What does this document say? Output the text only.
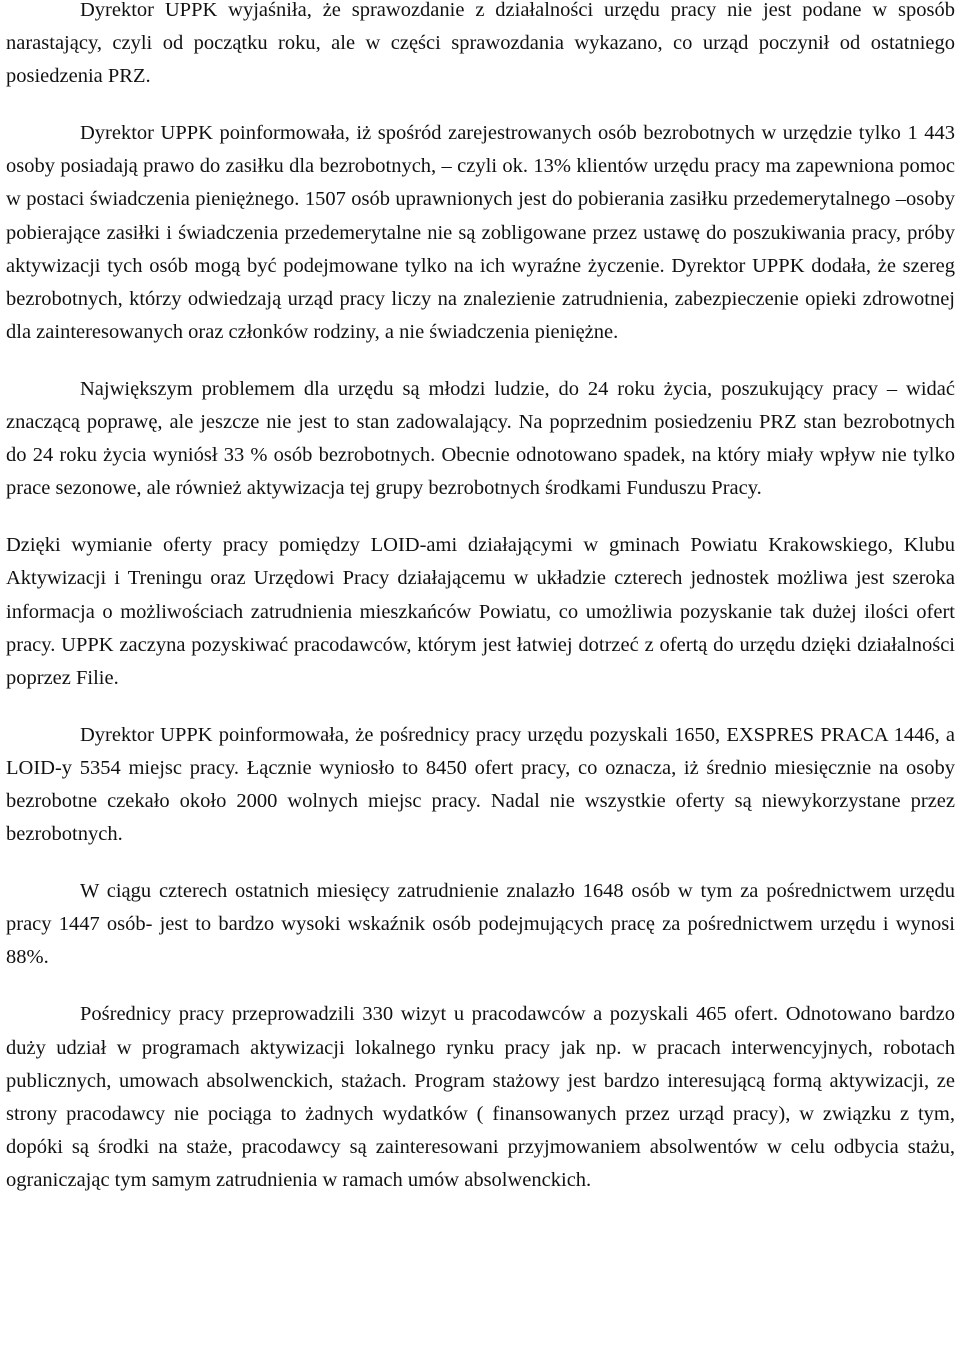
Dyrektor UPPK wyjaśniła, że sprawozdanie z działalności urzędu pracy nie jest podane w sposób narastający, czyli od początku roku, ale w części sprawozdania wykazano, co urząd poczynił od ostatniego posiedzenia PRZ.

Dyrektor UPPK poinformowała, iż spośród zarejestrowanych osób bezrobotnych w urzędzie tylko 1 443 osoby posiadają prawo do zasiłku dla bezrobotnych, – czyli ok. 13% klientów urzędu pracy ma zapewniona pomoc w postaci świadczenia pieniężnego. 1507 osób uprawnionych jest do pobierania zasiłku przedemerytalnego –osoby pobierające zasiłki i świadczenia przedemerytalne nie są zobligowane przez ustawę do poszukiwania pracy, próby aktywizacji tych osób mogą być podejmowane tylko na ich wyraźne życzenie. Dyrektor UPPK dodała, że szereg bezrobotnych, którzy odwiedzają urząd pracy liczy na znalezienie zatrudnienia, zabezpieczenie opieki zdrowotnej dla zainteresowanych oraz członków rodziny, a nie świadczenia pieniężne.

Największym problemem dla urzędu są młodzi ludzie, do 24 roku życia, poszukujący pracy – widać znaczącą poprawę, ale jeszcze nie jest to stan zadowalający. Na poprzednim posiedzeniu PRZ stan bezrobotnych do 24 roku życia wyniósł 33 % osób bezrobotnych. Obecnie odnotowano spadek, na który miały wpływ nie tylko prace sezonowe, ale również aktywizacja tej grupy bezrobotnych środkami Funduszu Pracy.

Dzięki wymianie oferty pracy pomiędzy LOID-ami działającymi w gminach Powiatu Krakowskiego, Klubu Aktywizacji i Treningu oraz Urzędowi Pracy działającemu w układzie czterech jednostek możliwa jest szeroka informacja o możliwościach zatrudnienia mieszkańców Powiatu, co umożliwia pozyskanie tak dużej ilości ofert pracy. UPPK zaczyna pozyskiwać pracodawców, którym jest łatwiej dotrzeć z ofertą do urzędu dzięki działalności poprzez Filie.

Dyrektor UPPK poinformowała, że pośrednicy pracy urzędu pozyskali 1650, EXSPRES PRACA 1446, a LOID-y 5354 miejsc pracy. Łącznie wyniosło to 8450 ofert pracy, co oznacza, iż średnio miesięcznie na osoby bezrobotne czekało około 2000 wolnych miejsc pracy. Nadal nie wszystkie oferty są niewykorzystane przez bezrobotnych.

W ciągu czterech ostatnich miesięcy zatrudnienie znalazło 1648 osób w tym za pośrednictwem urzędu pracy 1447 osób- jest to bardzo wysoki wskaźnik osób podejmujących pracę za pośrednictwem urzędu i wynosi 88%.

Pośrednicy pracy przeprowadzili 330 wizyt u pracodawców a pozyskali 465 ofert. Odnotowano bardzo duży udział w programach aktywizacji lokalnego rynku pracy jak np. w pracach interwencyjnych, robotach publicznych, umowach absolwenckich, stażach. Program stażowy jest bardzo interesującą formą aktywizacji, ze strony pracodawcy nie pociąga to żadnych wydatków ( finansowanych przez urząd pracy), w związku z tym, dopóki są środki na staże, pracodawcy są zainteresowani przyjmowaniem absolwentów w celu odbycia stażu, ograniczając tym samym zatrudnienia w ramach umów absolwenckich.
